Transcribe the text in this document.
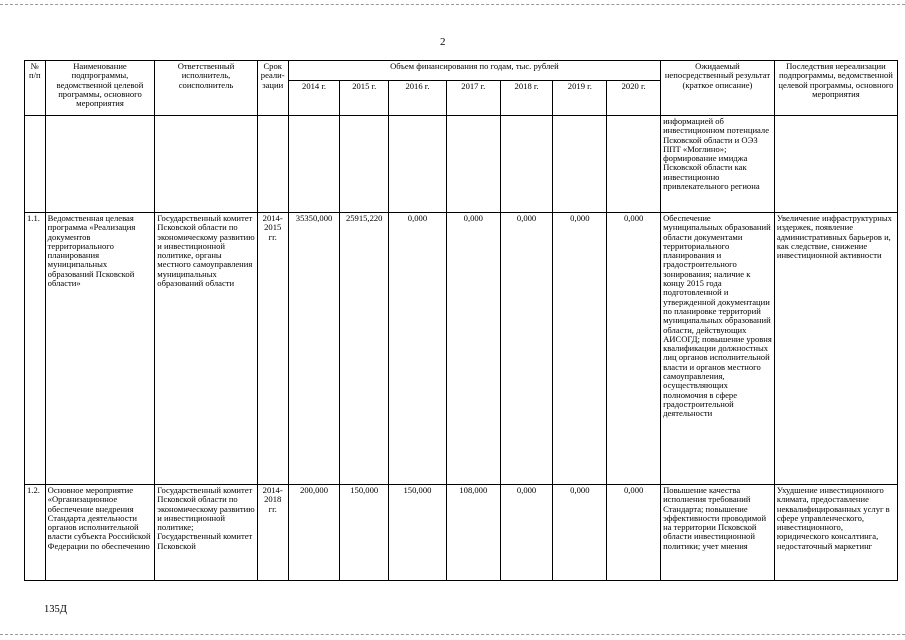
2
№ п/п	Наименование подпрограммы, ведомственной целевой программы, основного мероприятия	Ответственный исполнитель, соисполнитель	Срок реали-зации	Объем финансирования по годам, тыс. рублей							Ожидаемый непосредственный результат (краткое описание)	Последствия нереализации подпрограммы, ведомственной целевой программы, основного мероприятия
				2014 г.	2015 г.	2016 г.	2017 г.	2018 г.	2019 г.	2020 г.		
											информацией об инвестиционном потенциале Псковской области и ОЭЗ ППТ «Моглино»; формирование имиджа Псковской области как инвестиционно привлекательного региона	
1.1.	Ведомственная целевая программа «Реализация документов территориального планирования муниципальных образований Псковской области»	Государственный комитет Псковской области по экономическому развитию и инвестиционной политике, органы местного самоуправления муниципальных образований области	2014-2015 гг.	35350,000	25915,220	0,000	0,000	0,000	0,000	0,000	Обеспечение муниципальных образований области документами территориального планирования и градостроительного зонирования; наличие к концу 2015 года подготовленной и утвержденной документации по планировке территорий муниципальных образований области, действующих АИСОГД; повышение уровня квалификации должностных лиц органов исполнительной власти и органов местного самоуправления, осуществляющих полномочия в сфере градостроительной деятельности	Увеличение инфраструктурных издержек, появление административных барьеров и, как следствие, снижение инвестиционной активности
1.2.	Основное мероприятие «Организационное обеспечение внедрения Стандарта деятельности органов исполнительной власти субъекта Российской Федерации по обеспечению	Государственный комитет Псковской области по экономическому развитию и инвестиционной политике; Государственный комитет Псковской	2014-2018 гг.	200,000	150,000	150,000	108,000	0,000	0,000	0,000	Повышение качества исполнения требований Стандарта; повышение эффективности проводимой на территории Псковской области инвестиционной политики; учет мнения	Ухудшение инвестиционного климата, предоставление неквалифицированных услуг в сфере управленческого, инвестиционного, юридического консалтинга, недостаточный маркетинг
135Д
